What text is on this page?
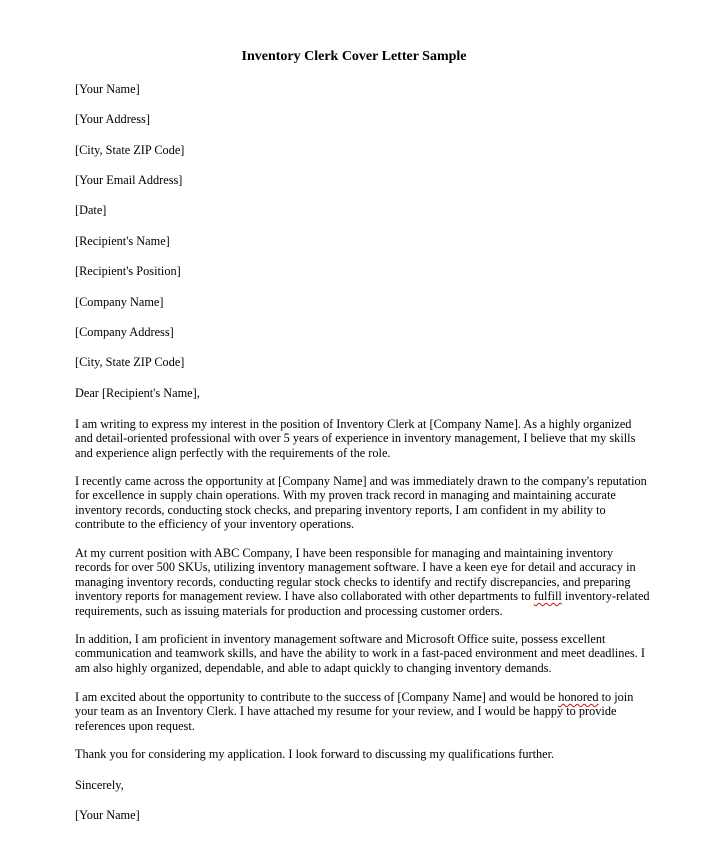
Inventory Clerk Cover Letter Sample

[Your Name]

[Your Address]

[City, State ZIP Code]

[Your Email Address]

[Date]

[Recipient's Name]

[Recipient's Position]

[Company Name]

[Company Address]

[City, State ZIP Code]

Dear [Recipient's Name],

I am writing to express my interest in the position of Inventory Clerk at [Company Name]. As a highly organized
and detail-oriented professional with over 5 years of experience in inventory management, I believe that my skills
and experience align perfectly with the requirements of the role.
I recently came across the opportunity at [Company Name] and was immediately drawn to the company's reputation
for excellence in supply chain operations. With my proven track record in managing and maintaining accurate
inventory records, conducting stock checks, and preparing inventory reports, I am confident in my ability to
contribute to the efficiency of your inventory operations.
At my current position with ABC Company, I have been responsible for managing and maintaining inventory
records for over 500 SKUs, utilizing inventory management software. I have a keen eye for detail and accuracy in
managing inventory records, conducting regular stock checks to identify and rectify discrepancies, and preparing
inventory reports for management review. I have also collaborated with other departments to fulfill inventory-related
requirements, such as issuing materials for production and processing customer orders.
In addition, I am proficient in inventory management software and Microsoft Office suite, possess excellent
communication and teamwork skills, and have the ability to work in a fast-paced environment and meet deadlines. I
am also highly organized, dependable, and able to adapt quickly to changing inventory demands.
I am excited about the opportunity to contribute to the success of [Company Name] and would be honored to join
your team as an Inventory Clerk. I have attached my resume for your review, and I would be happy to provide
references upon request.

Thank you for considering my application. I look forward to discussing my qualifications further.

Sincerely,

[Your Name]
